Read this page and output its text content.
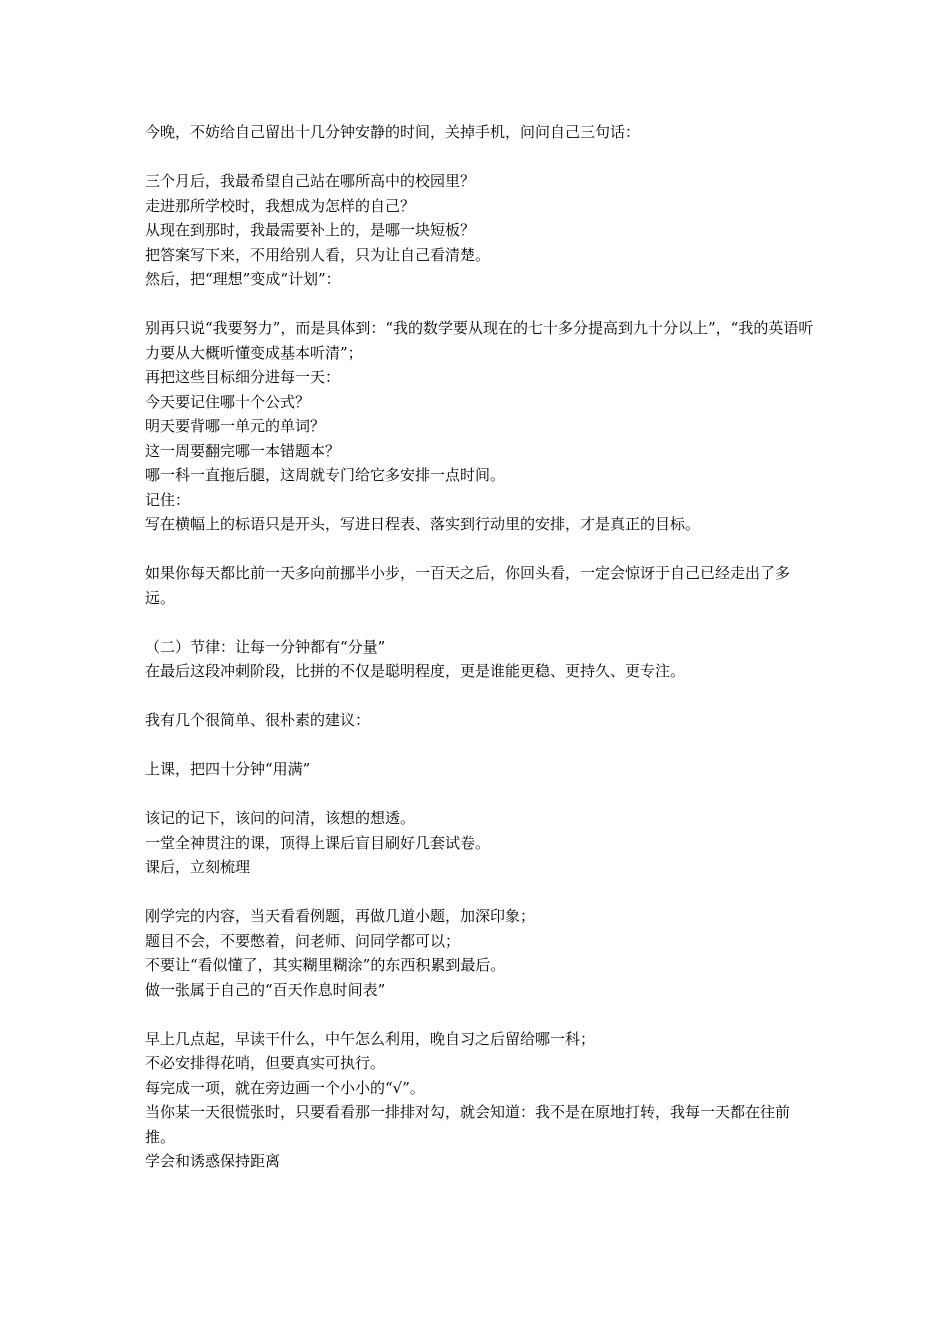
今晚，不妨给自己留出十几分钟安静的时间，关掉手机，问问自己三句话：
三个月后，我最希望自己站在哪所高中的校园里？
走进那所学校时，我想成为怎样的自己？
从现在到那时，我最需要补上的，是哪一块短板？
把答案写下来，不用给别人看，只为让自己看清楚。
然后，把“理想”变成“计划”：
别再只说“我要努力”，而是具体到：“我的数学要从现在的七十多分提高到九十分以上”，“我的英语听力要从大概听懂变成基本听清”；
再把这些目标细分进每一天：
今天要记住哪十个公式？
明天要背哪一单元的单词？
这一周要翻完哪一本错题本？
哪一科一直拖后腿，这周就专门给它多安排一点时间。
记住：
写在横幅上的标语只是开头，写进日程表、落实到行动里的安排，才是真正的目标。
如果你每天都比前一天多向前挪半小步，一百天之后，你回头看，一定会惊讶于自己已经走出了多远。
（二）节律：让每一分钟都有“分量”
在最后这段冲刺阶段，比拼的不仅是聪明程度，更是谁能更稳、更持久、更专注。
我有几个很简单、很朴素的建议：
上课，把四十分钟“用满”
该记的记下，该问的问清，该想的想透。
一堂全神贯注的课，顶得上课后盲目刷好几套试卷。
课后，立刻梳理
刚学完的内容，当天看看例题，再做几道小题，加深印象；
题目不会，不要憋着，问老师、问同学都可以；
不要让“看似懂了，其实糊里糊涂”的东西积累到最后。
做一张属于自己的“百天作息时间表”
早上几点起，早读干什么，中午怎么利用，晚自习之后留给哪一科；
不必安排得花哨，但要真实可执行。
每完成一项，就在旁边画一个小小的“√”。
当你某一天很慌张时，只要看看那一排排对勾，就会知道：我不是在原地打转，我每一天都在往前推。
学会和诱惑保持距离
